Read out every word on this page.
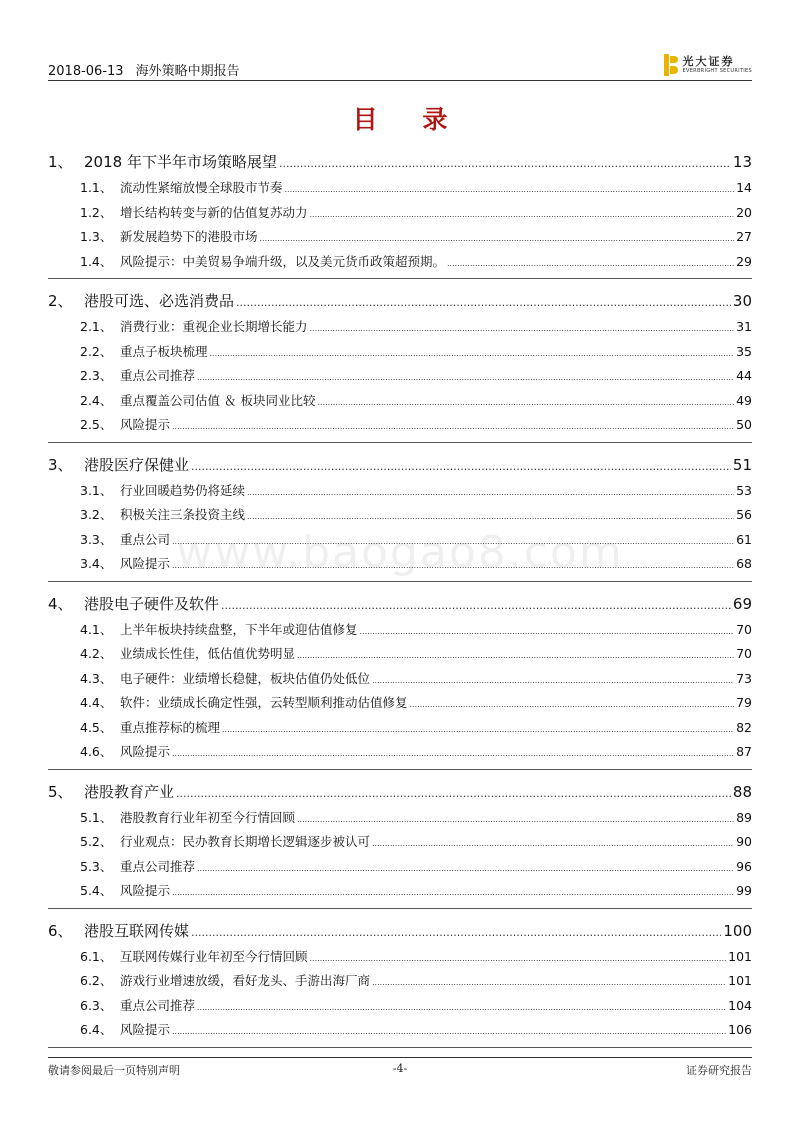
2018-06-13 海外策略中期报告
光大证券
EVERBRIGHT SECURITIES
目 录
www.baogao8.com
1、 2018 年下半年市场策略展望 .....	13
1.1、 流动性紧缩放慢全球股市节奏 .....	14
1.2、 增长结构转变与新的估值复苏动力 .....	20
1.3、 新发展趋势下的港股市场 .....	27
1.4、 风险提示：中美贸易争端升级，以及美元货币政策超预期。 .....	29
2、 港股可选、必选消费品 .....	30
2.1、 消费行业：重视企业长期增长能力 .....	31
2.2、 重点子板块梳理 .....	35
2.3、 重点公司推荐 .....	44
2.4、 重点覆盖公司估值 ＆ 板块同业比较 .....	49
2.5、 风险提示 .....	50
3、 港股医疗保健业 .....	51
3.1、 行业回暖趋势仍将延续 .....	53
3.2、 积极关注三条投资主线 .....	56
3.3、 重点公司 .....	61
3.4、 风险提示 .....	68
4、 港股电子硬件及软件 .....	69
4.1、 上半年板块持续盘整，下半年或迎估值修复 .....	70
4.2、 业绩成长性佳，低估值优势明显 .....	70
4.3、 电子硬件：业绩增长稳健，板块估值仍处低位 .....	73
4.4、 软件：业绩成长确定性强，云转型顺利推动估值修复 .....	79
4.5、 重点推荐标的梳理 .....	82
4.6、 风险提示 .....	87
5、 港股教育产业 .....	88
5.1、 港股教育行业年初至今行情回顾 .....	89
5.2、 行业观点：民办教育长期增长逻辑逐步被认可 .....	90
5.3、 重点公司推荐 .....	96
5.4、 风险提示 .....	99
6、 港股互联网传媒 .....	100
6.1、 互联网传媒行业年初至今行情回顾 .....	101
6.2、 游戏行业增速放缓，看好龙头、手游出海厂商 .....	101
6.3、 重点公司推荐 .....	104
6.4、 风险提示 .....	106
敬请参阅最后一页特别声明	-4-	证券研究报告
